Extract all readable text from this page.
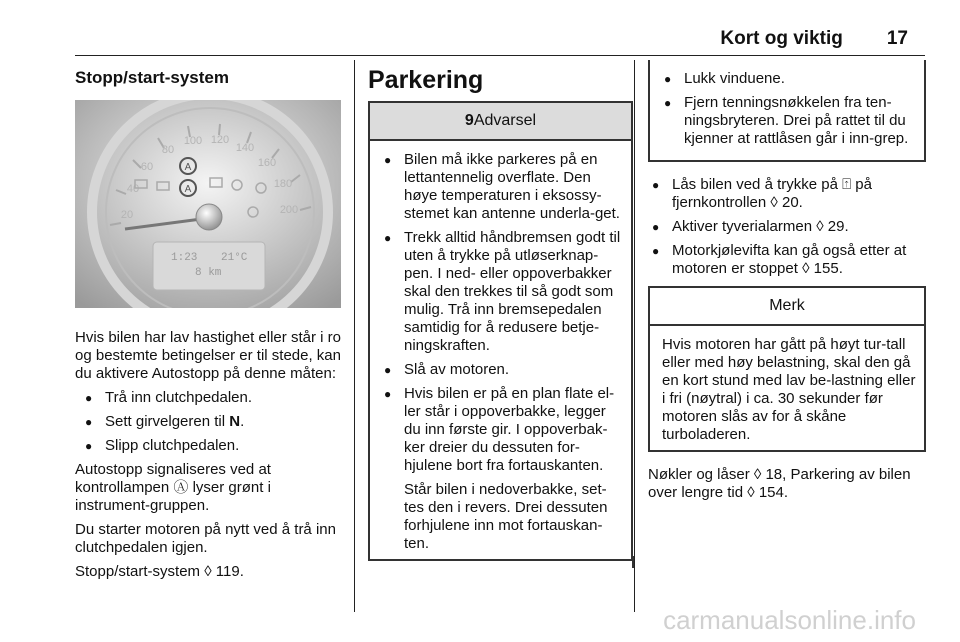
Kort og viktig 17
Stopp/start-system
20
40
60
80
100 120
140
160
180
200
A
A
1:23 21°C
8 km

Hvis bilen har lav hastighet eller står i ro og bestemte betingelser er til stede, kan du aktivere Autostopp på denne måten:

● Trå inn clutchpedalen.
● Sett girvelgeren til N.
● Slipp clutchpedalen.

Autostopp signaliseres ved at kontrollampen Ⓐ lyser grønt i instrument-gruppen.

Du starter motoren på nytt ved å trå inn clutchpedalen igjen.

Stopp/start-system ◊ 119.

Parkering
9 Advarsel
● Bilen må ikke parkeres på en lettantennelig overflate. Den høye temperaturen i eksossy-stemet kan antenne underla-get.
● Trekk alltid håndbremsen godt til uten å trykke på utløserknap-pen. I ned- eller oppoverbakker skal den trekkes til så godt som mulig. Trå inn bremsepedalen samtidig for å redusere betje-ningskraften.
● Slå av motoren.
● Hvis bilen er på en plan flate el-ler står i oppoverbakke, legger du inn første gir. I oppoverbak-ker dreier du dessuten for-hjulene bort fra fortauskanten.

Står bilen i nedoverbakke, set-tes den i revers. Drei dessuten forhjulene inn mot fortauskan-ten.

● Lukk vinduene.
● Fjern tenningsnøkkelen fra ten-ningsbryteren. Drei på rattet til du kjenner at rattlåsen går i inn-grep.
● Lås bilen ved å trykke på ⍐ på fjernkontrollen ◊ 20.
● Aktiver tyverialarmen ◊ 29.
● Motorkjølevifta kan gå også etter at motoren er stoppet ◊ 155.
Merk

Hvis motoren har gått på høyt tur-tall eller med høy belastning, skal den gå en kort stund med lav be-lastning eller i fri (nøytral) i ca. 30 sekunder før motoren slås av for å skåne turboladeren.

Nøkler og låser ◊ 18, Parkering av bilen over lengre tid ◊ 154.

carmanualsonline.info
